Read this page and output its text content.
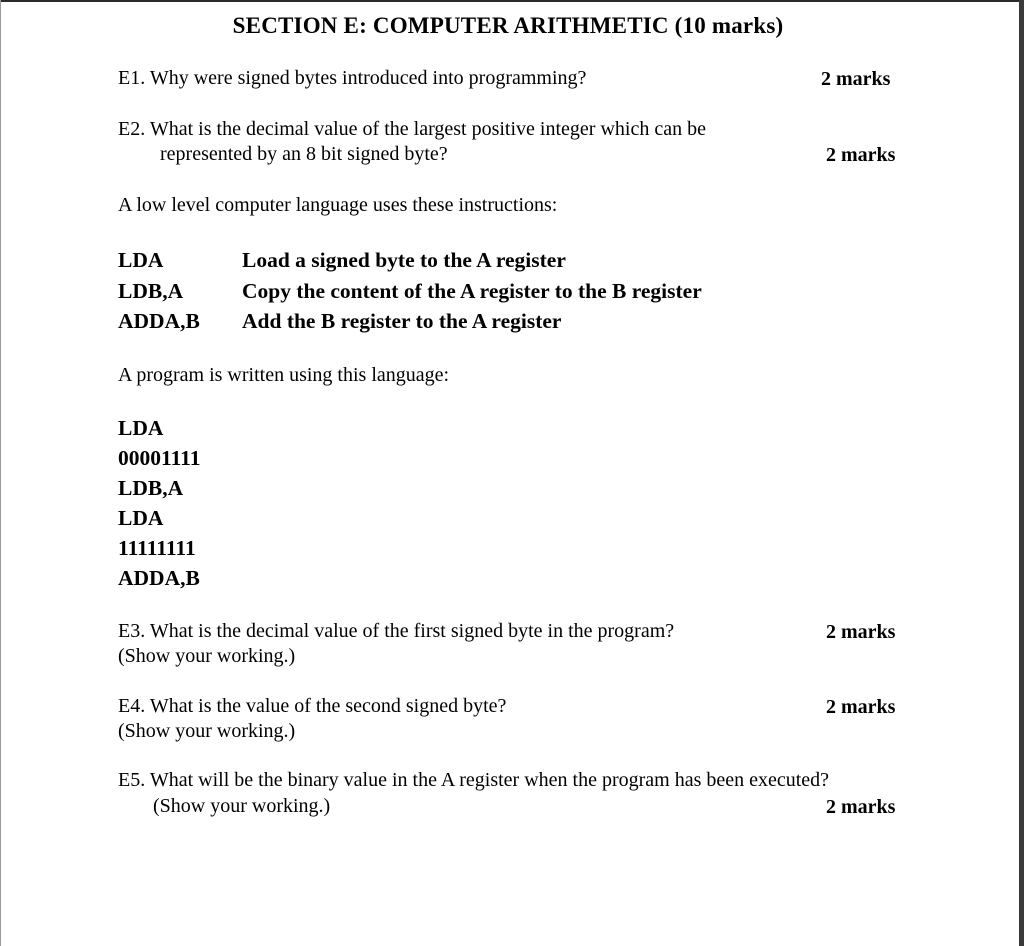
SECTION E: COMPUTER ARITHMETIC (10 marks)
E1. Why were signed bytes introduced into programming?	2 marks
E2. What is the decimal value of the largest positive integer which can be
represented by an 8 bit signed byte?	2 marks
A low level computer language uses these instructions:
LDA	Load a signed byte to the A register
LDB,A	Copy the content of the A register to the B register
ADDA,B Add the B register to the A register
A program is written using this language:
LDA
00001111
LDB,A
LDA
11111111
ADDA,B
E3. What is the decimal value of the first signed byte in the program?
(Show your working.)
2 marks
E4. What is the value of the second signed byte?
(Show your working.)
2 marks
E5. What will be the binary value in the A register when the program has been executed?
(Show your working.)	2 marks
